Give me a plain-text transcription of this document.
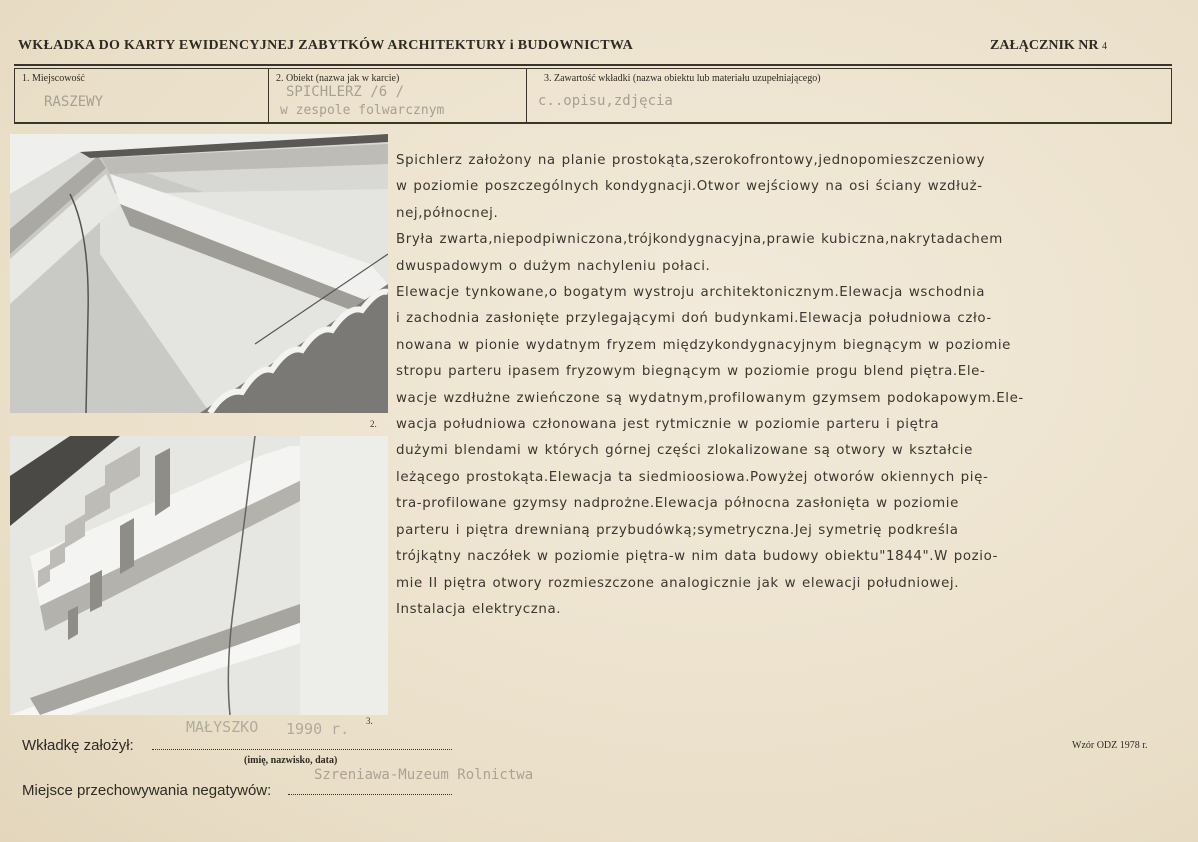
WKŁADKA DO KARTY EWIDENCYJNEJ ZABYTKÓW ARCHITEKTURY i BUDOWNICTWA	ZAŁĄCZNIK NR 4
1. Miejscowość
RASZEWY
2. Obiekt (nazwa jak w karcie)
SPICHLERZ /6 /
w zespole folwarcznym
3. Zawartość wkładki (nazwa obiektu lub materiału uzupełniającego)
c..opisu,zdjęcia
2.
3.
Spichlerz założony na planie prostokąta,szerokofrontowy,jednopomieszczeniowy
w poziomie poszczególnych kondygnacji.Otwor wejściowy na osi ściany wzdłuż-
nej,północnej.
Bryła zwarta,niepodpiwniczona,trójkondygnacyjna,prawie kubiczna,nakrytadachem
dwuspadowym o dużym nachyleniu połaci.
Elewacje tynkowane,o bogatym wystroju architektonicznym.Elewacja wschodnia
i zachodnia zasłonięte przylegającymi doń budynkami.Elewacja południowa czło-
nowana w pionie wydatnym fryzem międzykondygnacyjnym biegnącym w poziomie
stropu parteru ipasem fryzowym biegnącym w poziomie progu blend piętra.Ele-
wacje wzdłużne zwieńczone są wydatnym,profilowanym gzymsem podokapowym.Ele-
wacja południowa członowana jest rytmicznie w poziomie parteru i piętra
dużymi blendami w których górnej części zlokalizowane są otwory w kształcie
leżącego prostokąta.Elewacja ta siedmioosiowa.Powyżej otworów okiennych pię-
tra-profilowane gzymsy nadprożne.Elewacja północna zasłonięta w poziomie
parteru i piętra drewnianą przybudówką;symetryczna.Jej symetrię podkreśla
trójkątny naczółek w poziomie piętra-w nim data budowy obiektu"1844".W pozio-
mie II piętra otwory rozmieszczone analogicznie jak w elewacji południowej.
Instalacja elektryczna.
MAŁYSZKO 1990 r.
Wkładkę założył:
(imię, nazwisko, data)
Szreniawa-Muzeum Rolnictwa
Miejsce przechowywania negatywów:
Wzór ODZ 1978 r.
